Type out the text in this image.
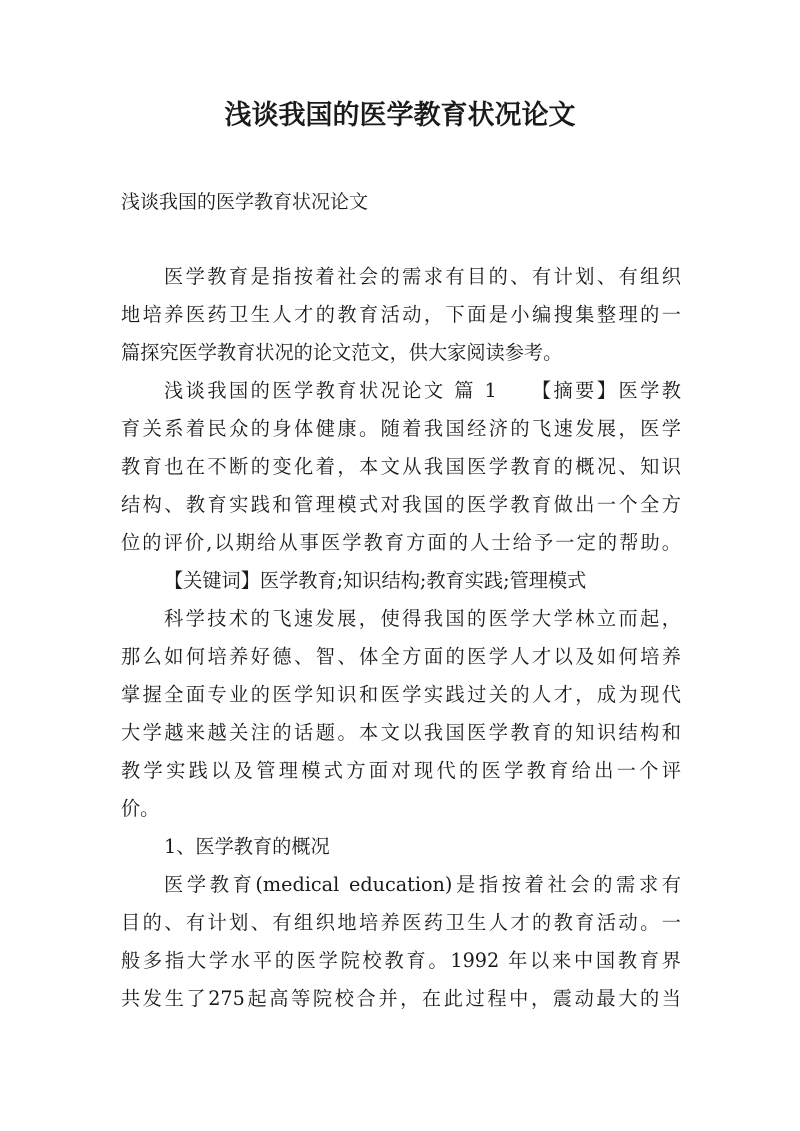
浅谈我国的医学教育状况论文

浅谈我国的医学教育状况论文

医学教育是指按着社会的需求有目的、有计划、有组织

地培养医药卫生人才的教育活动，下面是小编搜集整理的一

篇探究医学教育状况的论文范文，供大家阅读参考。

浅谈我国的医学教育状况论文 篇 1 【摘要】医学教

育关系着民众的身体健康。随着我国经济的飞速发展，医学

教育也在不断的变化着，本文从我国医学教育的概况、知识

结构、教育实践和管理模式对我国的医学教育做出一个全方

位的评价,以期给从事医学教育方面的人士给予一定的帮助。

【关键词】医学教育;知识结构;教育实践;管理模式

科学技术的飞速发展，使得我国的医学大学林立而起，

那么如何培养好德、智、体全方面的医学人才以及如何培养

掌握全面专业的医学知识和医学实践过关的人才，成为现代

大学越来越关注的话题。本文以我国医学教育的知识结构和

教学实践以及管理模式方面对现代的医学教育给出一个评

价。

1、医学教育的概况

医学教育(medical education)是指按着社会的需求有

目的、有计划、有组织地培养医药卫生人才的教育活动。一

般多指大学水平的医学院校教育。1992 年以来中国教育界

共发生了275起高等院校合并，在此过程中，震动最大的当
